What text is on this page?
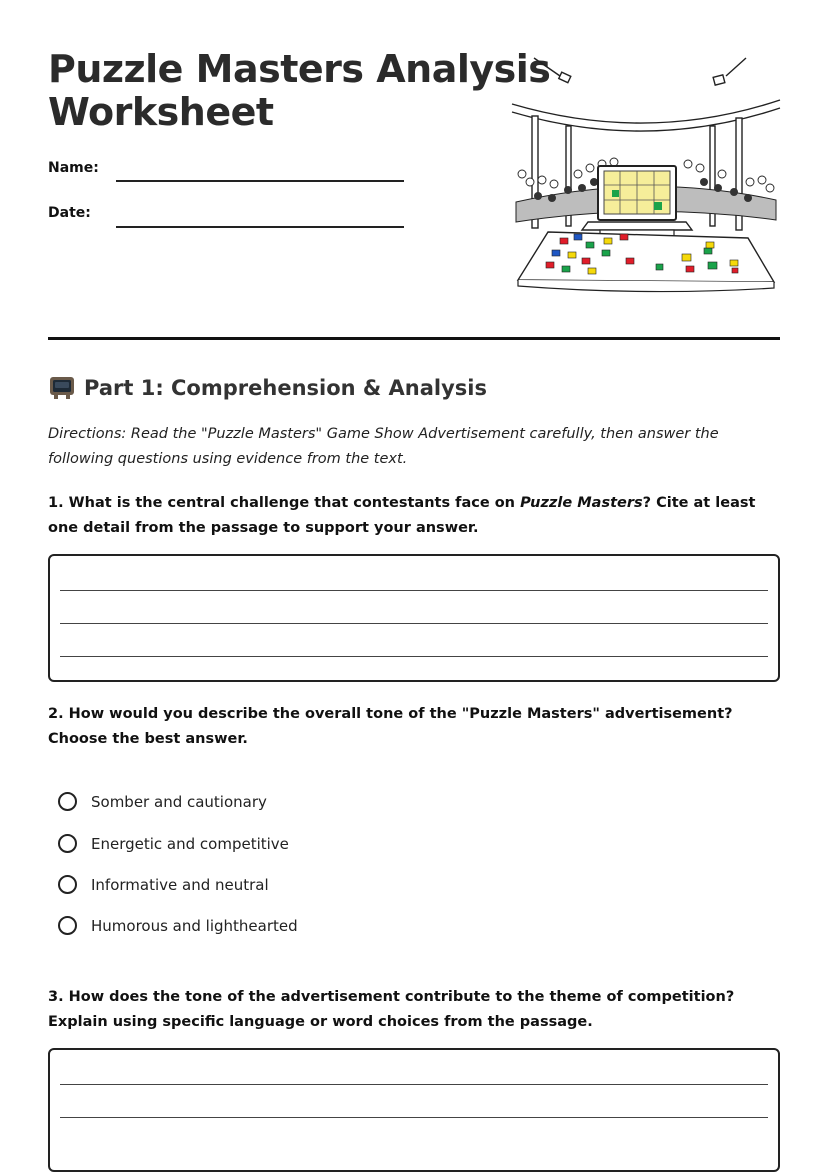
Puzzle Masters Analysis
Worksheet
Name:
Date:
Part 1: Comprehension & Analysis

Directions: Read the "Puzzle Masters" Game Show Advertisement carefully, then answer the following questions using evidence from the text.

1. What is the central challenge that contestants face on Puzzle Masters? Cite at least one detail from the passage to support your answer.

2. How would you describe the overall tone of the "Puzzle Masters" advertisement? Choose the best answer.

Somber and cautionary
Energetic and competitive
Informative and neutral
Humorous and lighthearted

3. How does the tone of the advertisement contribute to the theme of competition? Explain using specific language or word choices from the passage.
